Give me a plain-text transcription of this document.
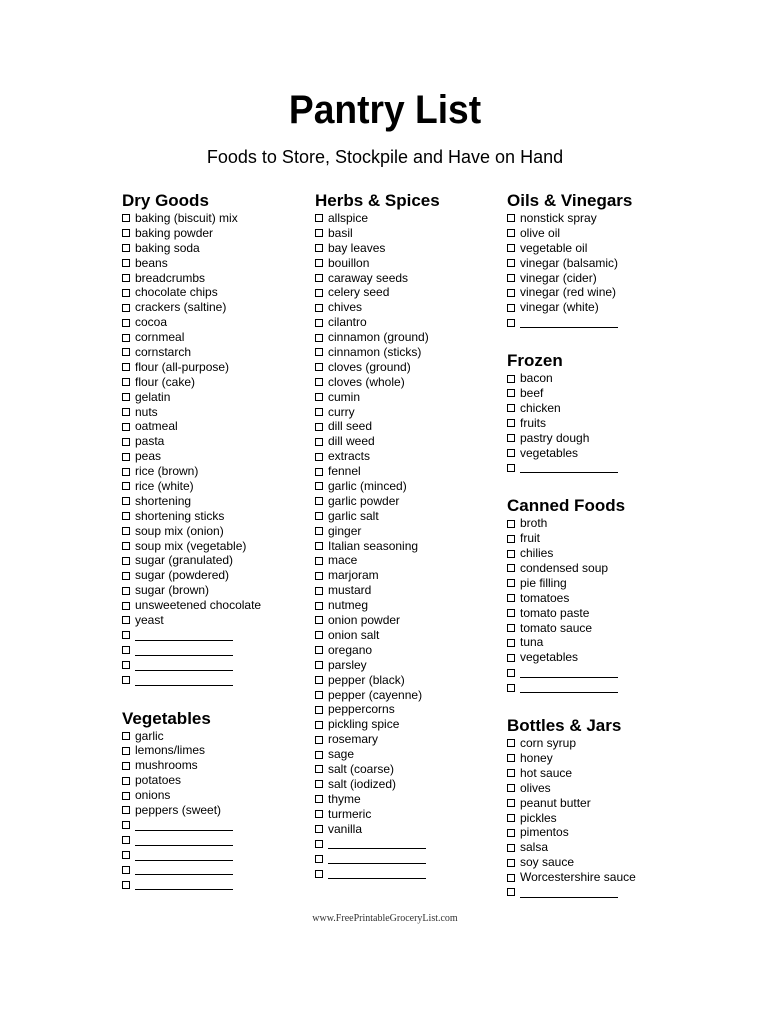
Pantry List
Foods to Store, Stockpile and Have on Hand
Dry Goods
baking (biscuit) mix
baking powder
baking soda
beans
breadcrumbs
chocolate chips
crackers (saltine)
cocoa
cornmeal
cornstarch
flour (all-purpose)
flour (cake)
gelatin
nuts
oatmeal
pasta
peas
rice (brown)
rice (white)
shortening
shortening sticks
soup mix (onion)
soup mix (vegetable)
sugar (granulated)
sugar (powdered)
sugar (brown)
unsweetened chocolate
yeast
Vegetables
garlic
lemons/limes
mushrooms
potatoes
onions
peppers (sweet)
Herbs & Spices
allspice
basil
bay leaves
bouillon
caraway seeds
celery seed
chives
cilantro
cinnamon (ground)
cinnamon (sticks)
cloves (ground)
cloves (whole)
cumin
curry
dill seed
dill weed
extracts
fennel
garlic (minced)
garlic powder
garlic salt
ginger
Italian seasoning
mace
marjoram
mustard
nutmeg
onion powder
onion salt
oregano
parsley
pepper (black)
pepper (cayenne)
peppercorns
pickling spice
rosemary
sage
salt (coarse)
salt (iodized)
thyme
turmeric
vanilla
Oils & Vinegars
nonstick spray
olive oil
vegetable oil
vinegar (balsamic)
vinegar (cider)
vinegar (red wine)
vinegar (white)
Frozen
bacon
beef
chicken
fruits
pastry dough
vegetables
Canned Foods
broth
fruit
chilies
condensed soup
pie filling
tomatoes
tomato paste
tomato sauce
tuna
vegetables
Bottles & Jars
corn syrup
honey
hot sauce
olives
peanut butter
pickles
pimentos
salsa
soy sauce
Worcestershire sauce
www.FreePrintableGroceryList.com
